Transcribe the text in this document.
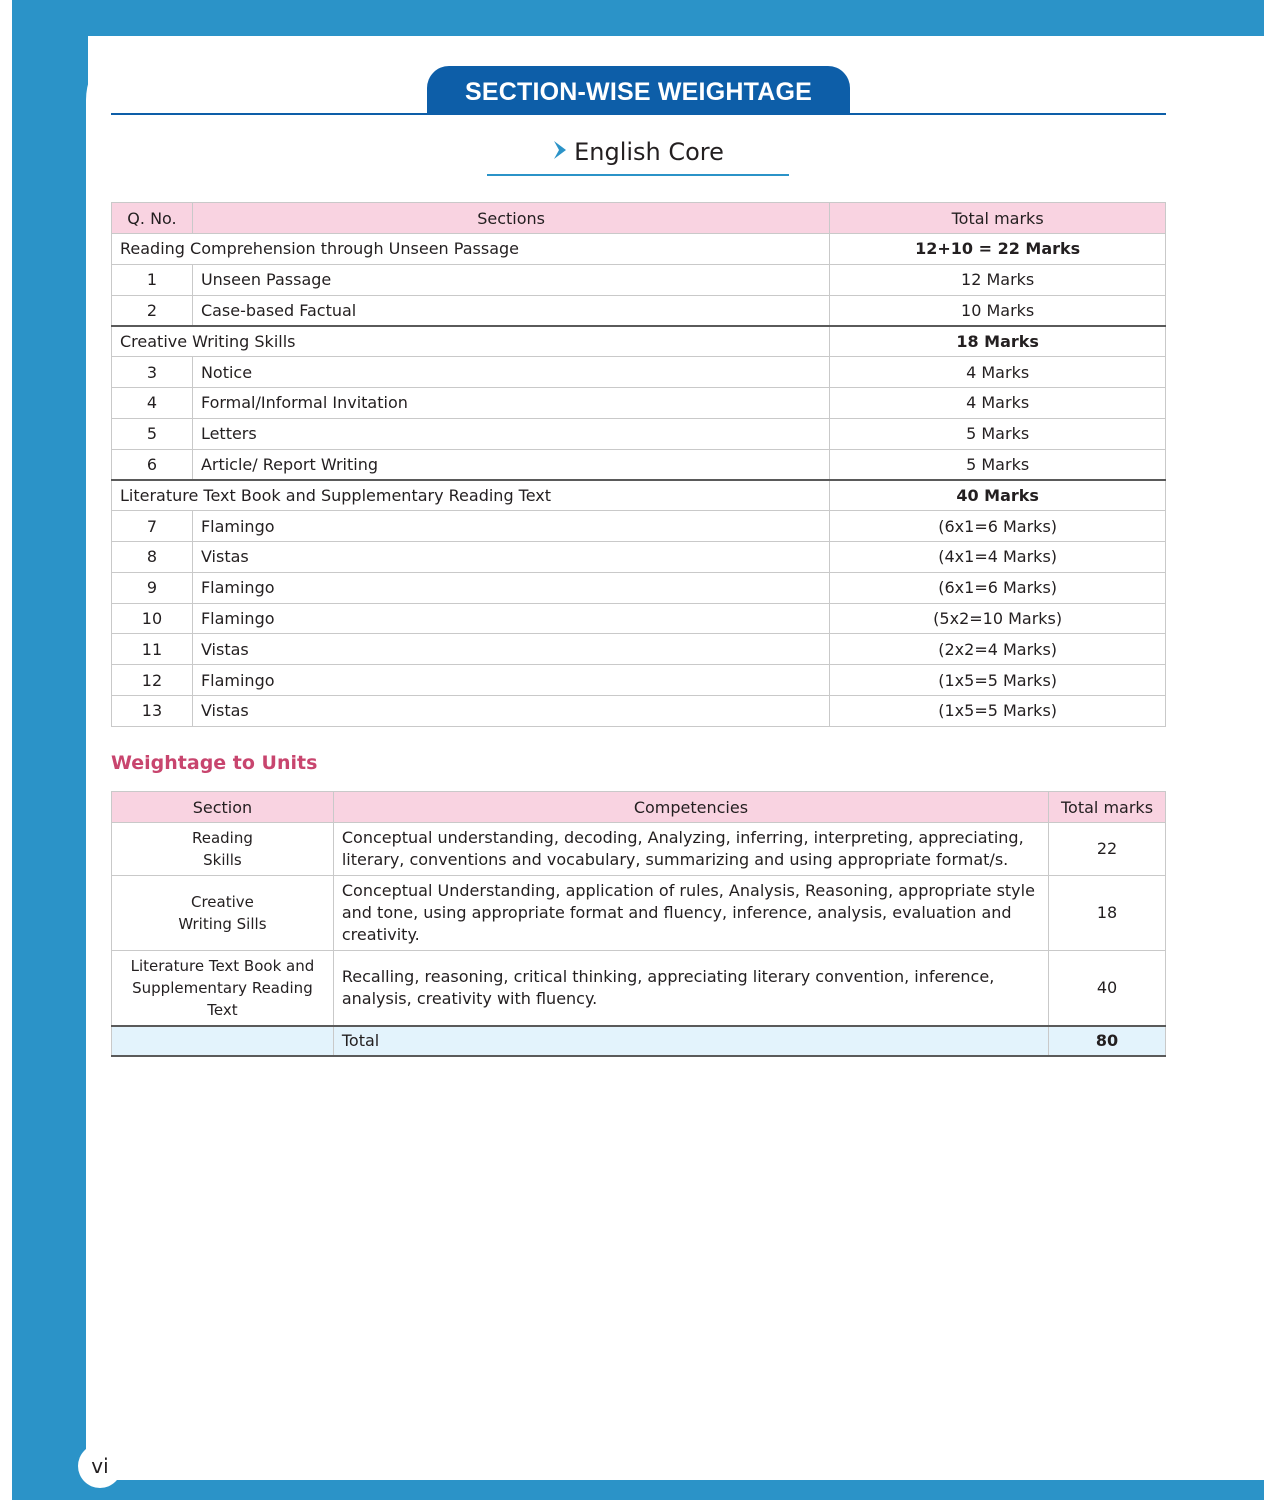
SECTION-WISE WEIGHTAGE
English Core
Q. No.	Sections	Total marks
Reading Comprehension through Unseen Passage		12+10 = 22 Marks
1	Unseen Passage	12 Marks
2	Case-based Factual	10 Marks
Creative Writing Skills		18 Marks
3	Notice	4 Marks
4	Formal/Informal Invitation	4 Marks
5	Letters	5 Marks
6	Article/ Report Writing	5 Marks
Literature Text Book and Supplementary Reading Text		40 Marks
7	Flamingo	(6x1=6 Marks)
8	Vistas	(4x1=4 Marks)
9	Flamingo	(6x1=6 Marks)
10	Flamingo	(5x2=10 Marks)
11	Vistas	(2x2=4 Marks)
12	Flamingo	(1x5=5 Marks)
13	Vistas	(1x5=5 Marks)
Weightage to Units
Section	Competencies	Total marks
Reading
Skills	Conceptual understanding, decoding, Analyzing, inferring, interpreting, appreciating, literary, conventions and vocabulary, summarizing and using appropriate format/s.	22
Creative
Writing Sills	Conceptual Understanding, application of rules, Analysis, Reasoning, appropriate style and tone, using appropriate format and fluency, inference, analysis, evaluation and creativity.	18
Literature Text Book and
Supplementary Reading Text	Recalling, reasoning, critical thinking, appreciating literary convention, inference, analysis, creativity with fluency.	40
	Total	80
vi
